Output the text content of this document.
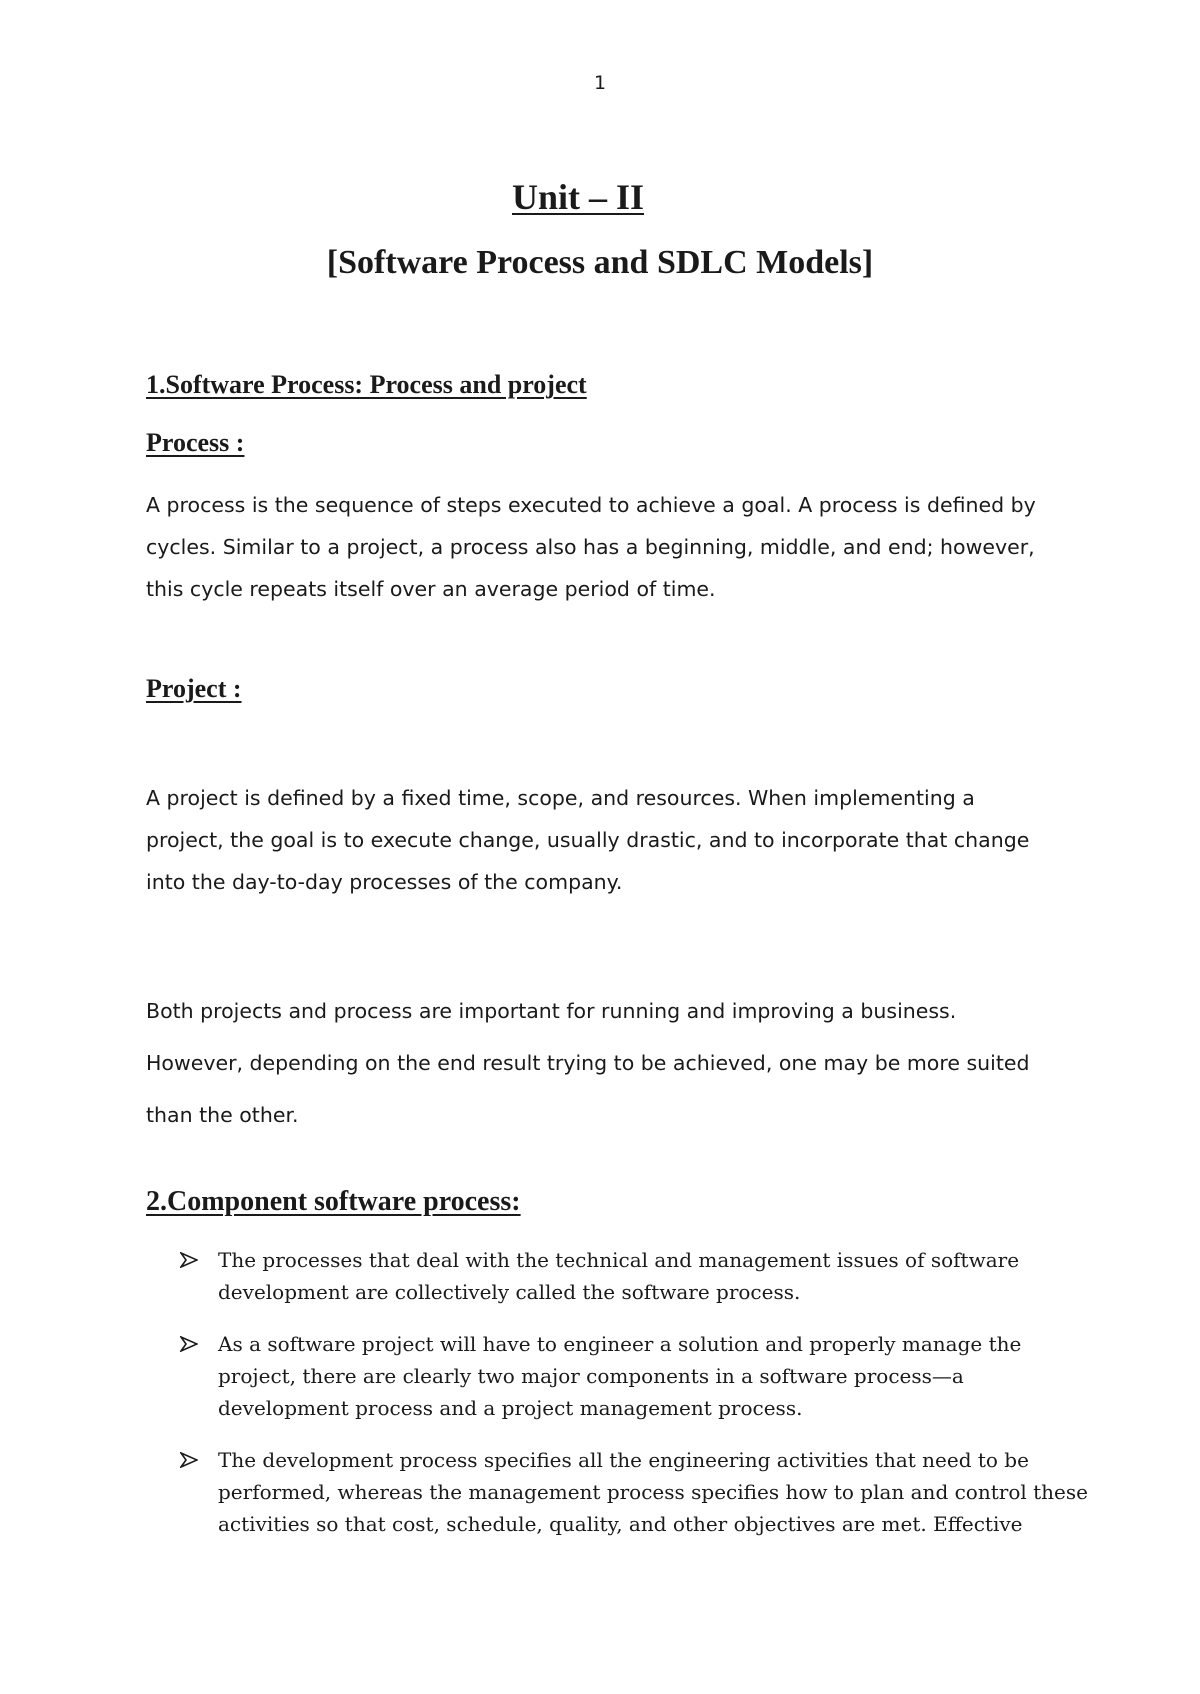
1
Unit – II
[Software Process and SDLC Models]
1.Software Process: Process and project
Process :

A process is the sequence of steps executed to achieve a goal. A process is defined by
cycles. Similar to a project, a process also has a beginning, middle, and end; however,
this cycle repeats itself over an average period of time.

Project :

A project is defined by a fixed time, scope, and resources. When implementing a
project, the goal is to execute change, usually drastic, and to incorporate that change
into the day-to-day processes of the company.

Both projects and process are important for running and improving a business.
However, depending on the end result trying to be achieved, one may be more suited
than the other.

2.Component software process:
The processes that deal with the technical and management issues of software
development are collectively called the software process.
As a software project will have to engineer a solution and properly manage the
project, there are clearly two major components in a software process—a
development process and a project management process.
The development process specifies all the engineering activities that need to be
performed, whereas the management process specifies how to plan and control these
activities so that cost, schedule, quality, and other objectives are met. Effective
